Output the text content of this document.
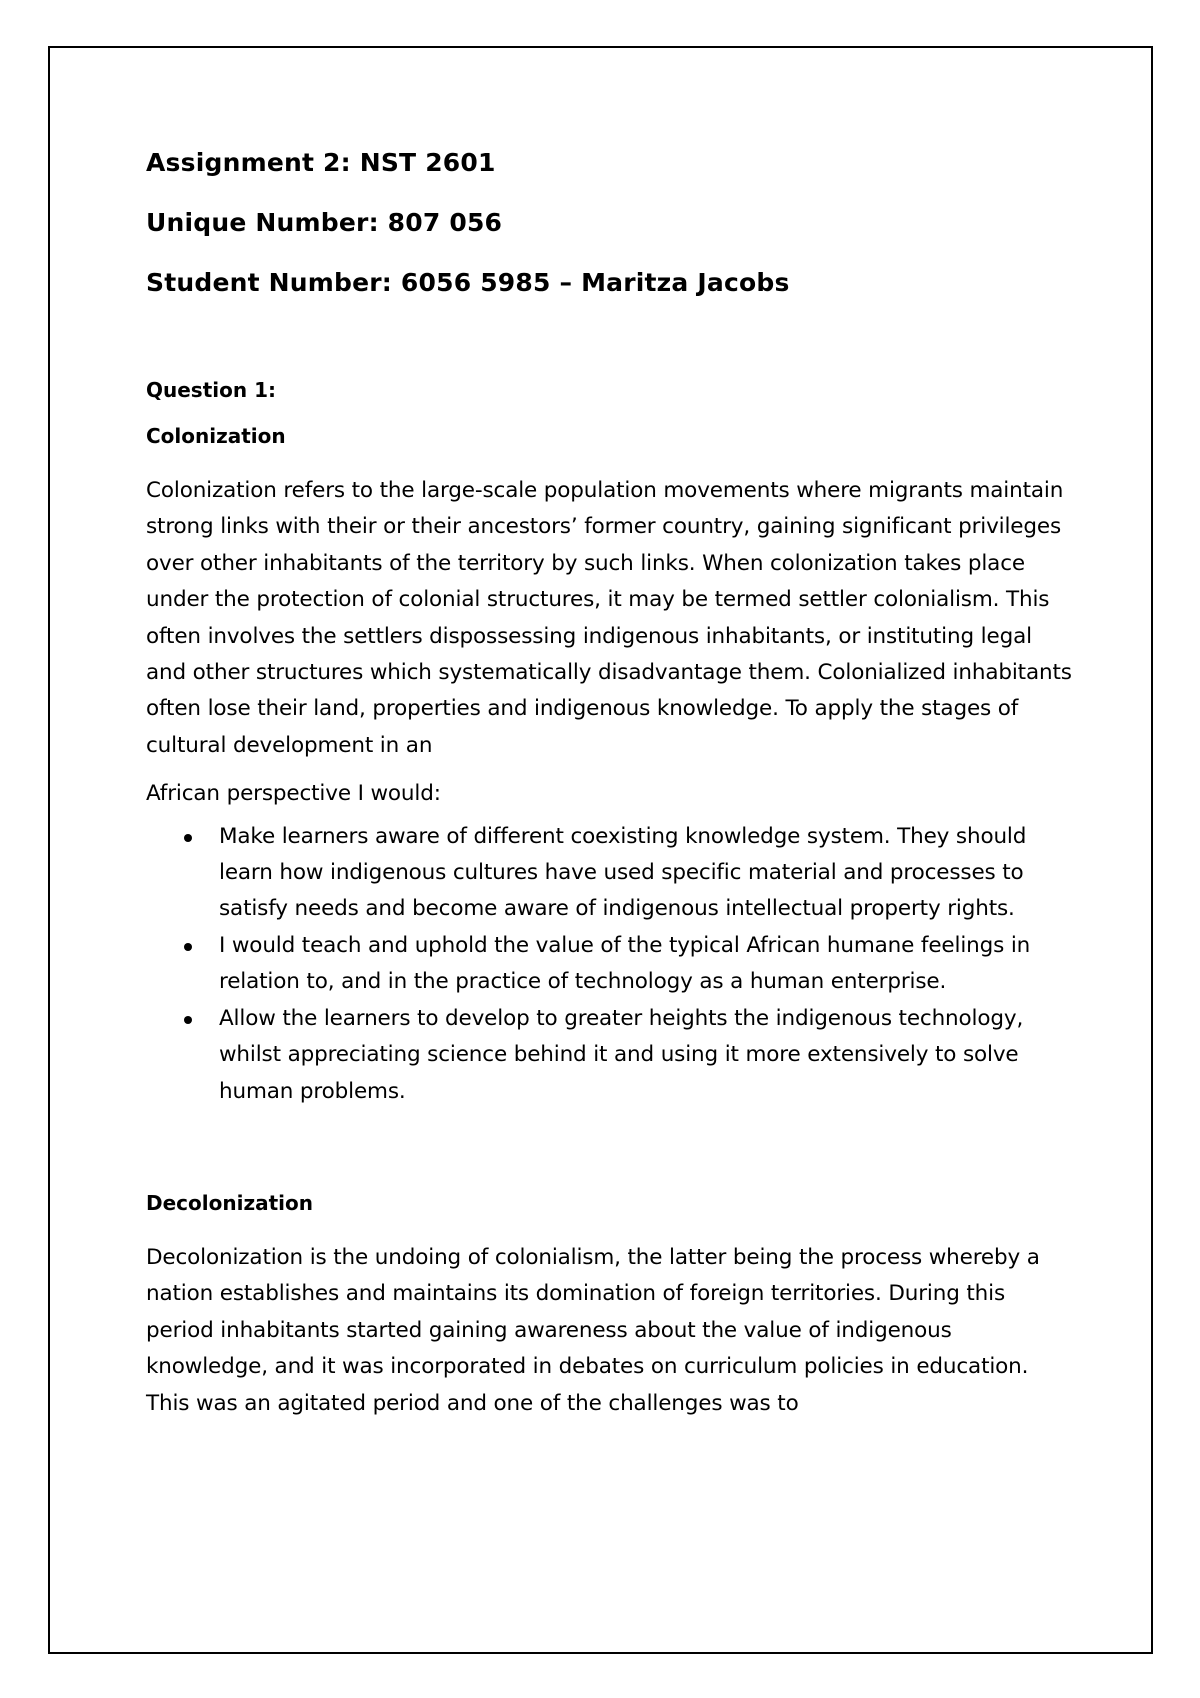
Assignment 2: NST 2601
Unique Number: 807 056
Student Number: 6056 5985 – Maritza Jacobs
Question 1:
Colonization

Colonization refers to the large-scale population movements where migrants maintain strong links with their or their ancestors’ former country, gaining significant privileges over other inhabitants of the territory by such links. When colonization takes place under the protection of colonial structures, it may be termed settler colonialism. This often involves the settlers dispossessing indigenous inhabitants, or instituting legal and other structures which systematically disadvantage them. Colonialized inhabitants often lose their land, properties and indigenous knowledge. To apply the stages of cultural development in an

African perspective I would:

Make learners aware of different coexisting knowledge system. They should learn how indigenous cultures have used specific material and processes to satisfy needs and become aware of indigenous intellectual property rights.
I would teach and uphold the value of the typical African humane feelings in relation to, and in the practice of technology as a human enterprise.
Allow the learners to develop to greater heights the indigenous technology, whilst appreciating science behind it and using it more extensively to solve human problems.
Decolonization

Decolonization is the undoing of colonialism, the latter being the process whereby a nation establishes and maintains its domination of foreign territories. During this period inhabitants started gaining awareness about the value of indigenous knowledge, and it was incorporated in debates on curriculum policies in education. This was an agitated period and one of the challenges was to
